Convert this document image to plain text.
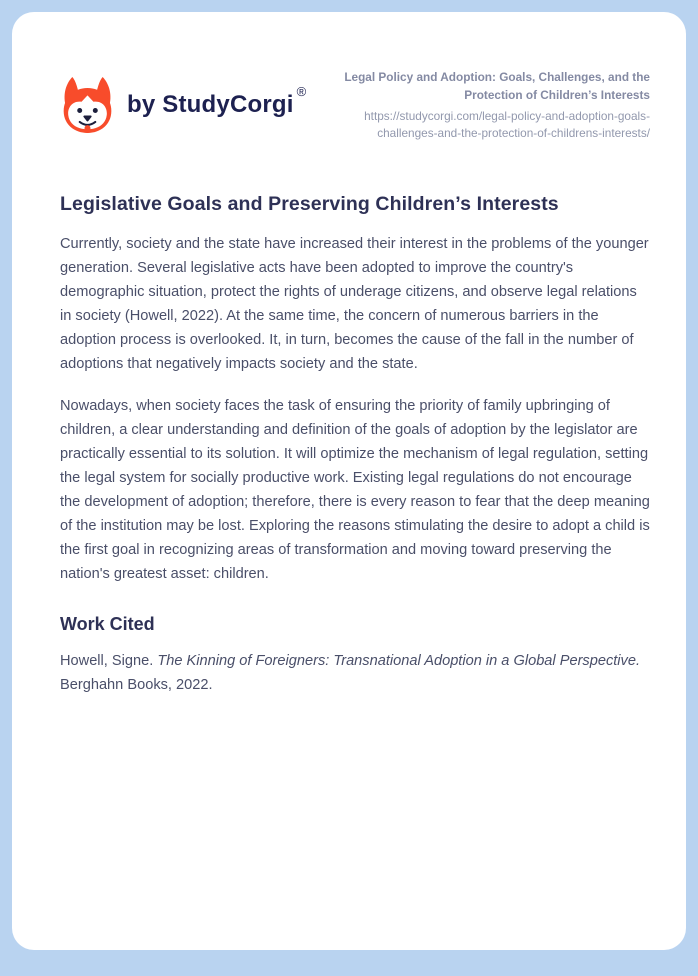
by StudyCorgi ®
Legal Policy and Adoption: Goals, Challenges, and the Protection of Children’s Interests
https://studycorgi.com/legal-policy-and-adoption-goals-challenges-and-the-protection-of-childrens-interests/
Legislative Goals and Preserving Children’s Interests

Currently, society and the state have increased their interest in the problems of the younger generation. Several legislative acts have been adopted to improve the country's demographic situation, protect the rights of underage citizens, and observe legal relations in society (Howell, 2022). At the same time, the concern of numerous barriers in the adoption process is overlooked. It, in turn, becomes the cause of the fall in the number of adoptions that negatively impacts society and the state.

Nowadays, when society faces the task of ensuring the priority of family upbringing of children, a clear understanding and definition of the goals of adoption by the legislator are practically essential to its solution. It will optimize the mechanism of legal regulation, setting the legal system for socially productive work. Existing legal regulations do not encourage the development of adoption; therefore, there is every reason to fear that the deep meaning of the institution may be lost. Exploring the reasons stimulating the desire to adopt a child is the first goal in recognizing areas of transformation and moving toward preserving the nation's greatest asset: children.

Work Cited

Howell, Signe. The Kinning of Foreigners: Transnational Adoption in a Global Perspective. Berghahn Books, 2022.
